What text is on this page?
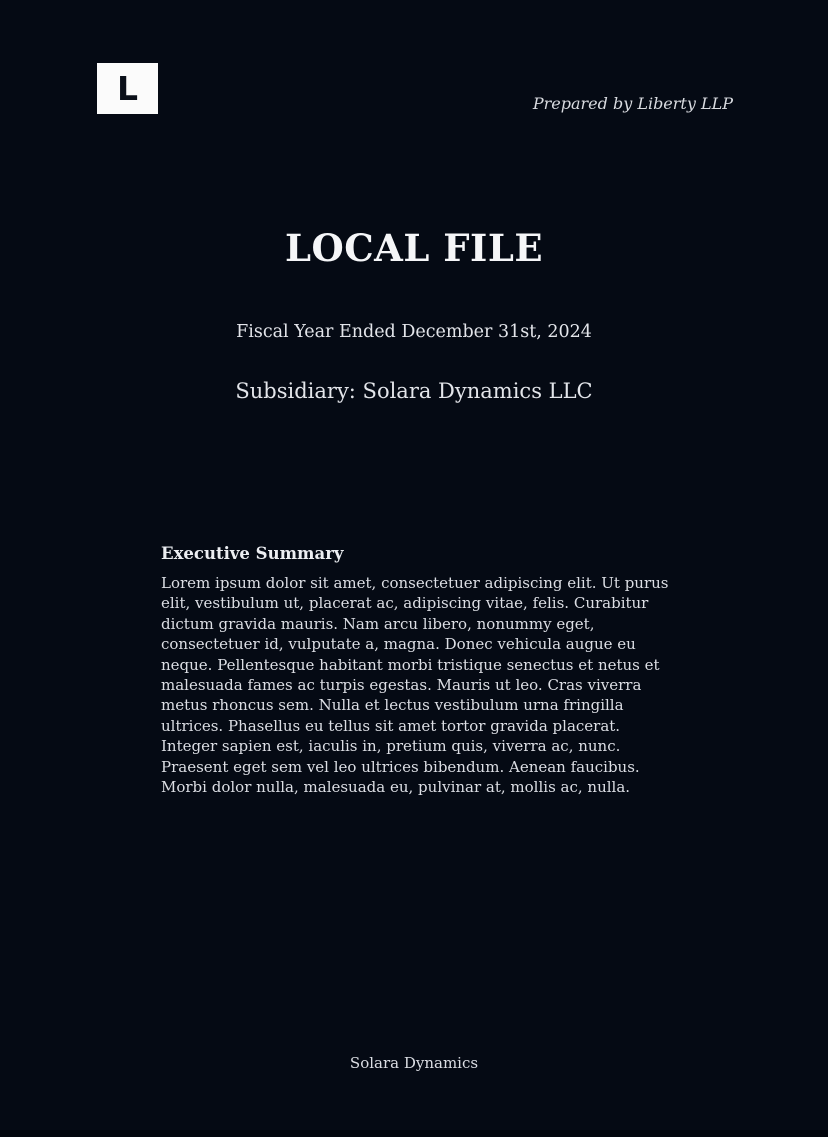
L	Prepared by Liberty LLP
LOCAL FILE
Fiscal Year Ended December 31st, 2024
Subsidiary: Solara Dynamics LLC
Executive Summary
Lorem ipsum dolor sit amet, consectetuer adipiscing elit. Ut purus elit, vestibulum ut, placerat ac, adipiscing vitae, felis. Curabitur dictum gravida mauris. Nam arcu libero, nonummy eget, consectetuer id, vulputate a, magna. Donec vehicula augue eu neque. Pellentesque habitant morbi tristique senectus et netus et malesuada fames ac turpis egestas. Mauris ut leo. Cras viverra metus rhoncus sem. Nulla et lectus vestibulum urna fringilla ultrices. Phasellus eu tellus sit amet tortor gravida placerat. Integer sapien est, iaculis in, pretium quis, viverra ac, nunc. Praesent eget sem vel leo ultrices bibendum. Aenean faucibus. Morbi dolor nulla, malesuada eu, pulvinar at, mollis ac, nulla.
Solara Dynamics
